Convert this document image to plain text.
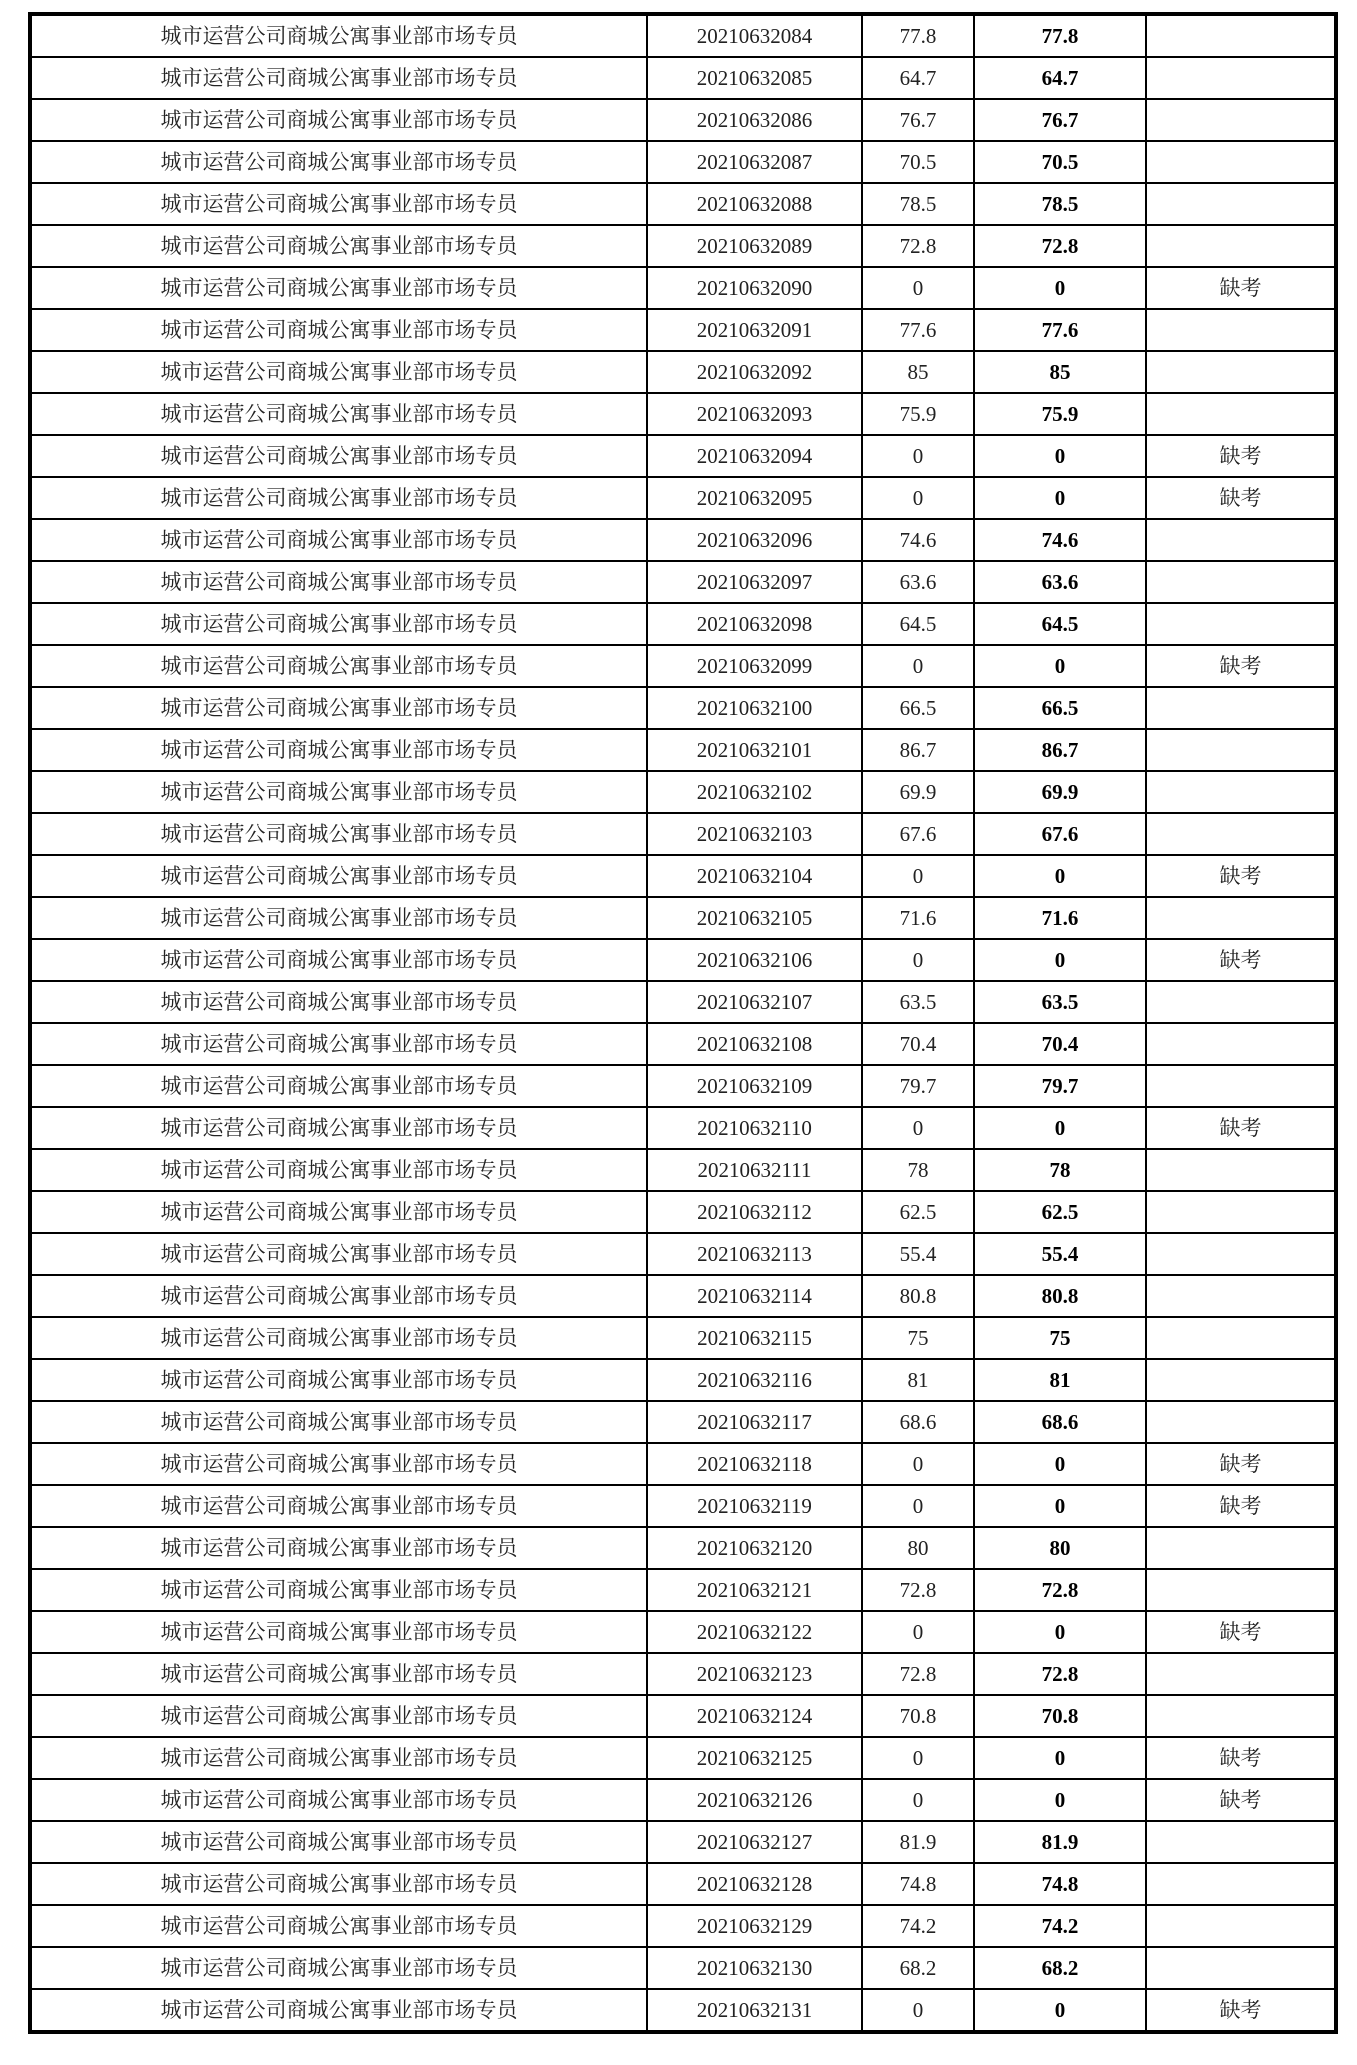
城市运营公司商城公寓事业部市场专员	20210632084	77.8	77.8	
城市运营公司商城公寓事业部市场专员	20210632085	64.7	64.7	
城市运营公司商城公寓事业部市场专员	20210632086	76.7	76.7	
城市运营公司商城公寓事业部市场专员	20210632087	70.5	70.5	
城市运营公司商城公寓事业部市场专员	20210632088	78.5	78.5	
城市运营公司商城公寓事业部市场专员	20210632089	72.8	72.8	
城市运营公司商城公寓事业部市场专员	20210632090	0	0	缺考
城市运营公司商城公寓事业部市场专员	20210632091	77.6	77.6	
城市运营公司商城公寓事业部市场专员	20210632092	85	85	
城市运营公司商城公寓事业部市场专员	20210632093	75.9	75.9	
城市运营公司商城公寓事业部市场专员	20210632094	0	0	缺考
城市运营公司商城公寓事业部市场专员	20210632095	0	0	缺考
城市运营公司商城公寓事业部市场专员	20210632096	74.6	74.6	
城市运营公司商城公寓事业部市场专员	20210632097	63.6	63.6	
城市运营公司商城公寓事业部市场专员	20210632098	64.5	64.5	
城市运营公司商城公寓事业部市场专员	20210632099	0	0	缺考
城市运营公司商城公寓事业部市场专员	20210632100	66.5	66.5	
城市运营公司商城公寓事业部市场专员	20210632101	86.7	86.7	
城市运营公司商城公寓事业部市场专员	20210632102	69.9	69.9	
城市运营公司商城公寓事业部市场专员	20210632103	67.6	67.6	
城市运营公司商城公寓事业部市场专员	20210632104	0	0	缺考
城市运营公司商城公寓事业部市场专员	20210632105	71.6	71.6	
城市运营公司商城公寓事业部市场专员	20210632106	0	0	缺考
城市运营公司商城公寓事业部市场专员	20210632107	63.5	63.5	
城市运营公司商城公寓事业部市场专员	20210632108	70.4	70.4	
城市运营公司商城公寓事业部市场专员	20210632109	79.7	79.7	
城市运营公司商城公寓事业部市场专员	20210632110	0	0	缺考
城市运营公司商城公寓事业部市场专员	20210632111	78	78	
城市运营公司商城公寓事业部市场专员	20210632112	62.5	62.5	
城市运营公司商城公寓事业部市场专员	20210632113	55.4	55.4	
城市运营公司商城公寓事业部市场专员	20210632114	80.8	80.8	
城市运营公司商城公寓事业部市场专员	20210632115	75	75	
城市运营公司商城公寓事业部市场专员	20210632116	81	81	
城市运营公司商城公寓事业部市场专员	20210632117	68.6	68.6	
城市运营公司商城公寓事业部市场专员	20210632118	0	0	缺考
城市运营公司商城公寓事业部市场专员	20210632119	0	0	缺考
城市运营公司商城公寓事业部市场专员	20210632120	80	80	
城市运营公司商城公寓事业部市场专员	20210632121	72.8	72.8	
城市运营公司商城公寓事业部市场专员	20210632122	0	0	缺考
城市运营公司商城公寓事业部市场专员	20210632123	72.8	72.8	
城市运营公司商城公寓事业部市场专员	20210632124	70.8	70.8	
城市运营公司商城公寓事业部市场专员	20210632125	0	0	缺考
城市运营公司商城公寓事业部市场专员	20210632126	0	0	缺考
城市运营公司商城公寓事业部市场专员	20210632127	81.9	81.9	
城市运营公司商城公寓事业部市场专员	20210632128	74.8	74.8	
城市运营公司商城公寓事业部市场专员	20210632129	74.2	74.2	
城市运营公司商城公寓事业部市场专员	20210632130	68.2	68.2	
城市运营公司商城公寓事业部市场专员	20210632131	0	0	缺考
